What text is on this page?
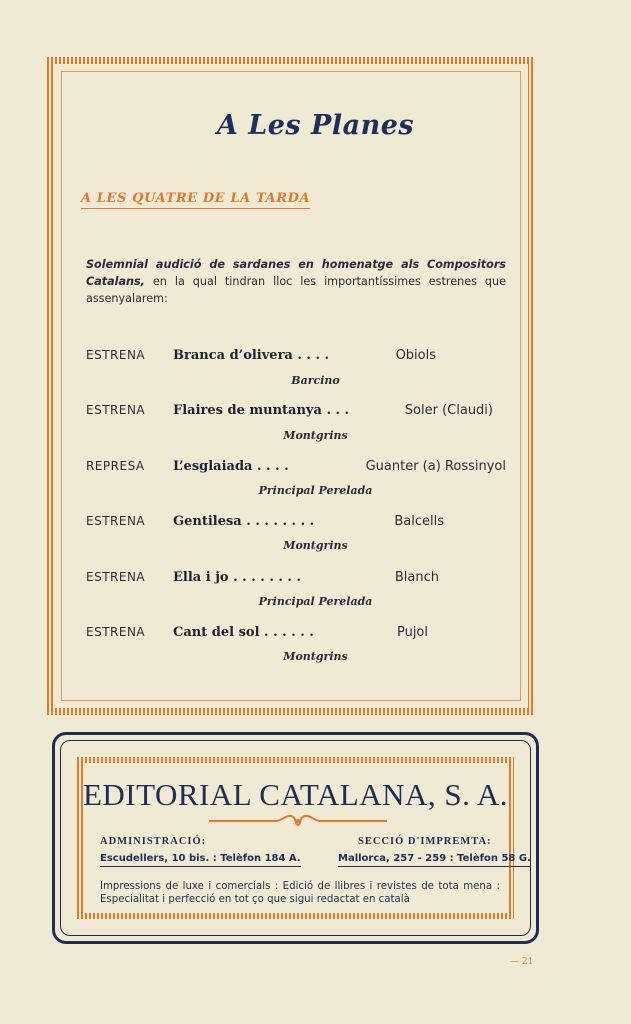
A Les Planes
A LES QUATRE DE LA TARDA
Solemnial audició de sardanes en homenatge als Compositors Catalans, en la qual tindran lloc les importantíssimes estrenes que assenyalarem:
ESTRENA Branca d’olivera . . . .	Obiols
Barcino
ESTRENA Flaires de muntanya . . .	Soler (Claudi)
Montgrins
REPRESA L’esglaiada . . . .	Guanter (a) Rossinyol
Principal Perelada
ESTRENA Gentilesa . . . . . . . .	Balcells
Montgrins
ESTRENA Ella i jo . . . . . . . .	Blanch
Principal Perelada
ESTRENA Cant del sol . . . . . .	Pujol
Montgrins
EDITORIAL CATALANA, S. A.
ADMINISTRACIÓ:	SECCIÓ D'IMPREMTA:
Escudellers, 10 bis. : Telèfon 184 A.	Mallorca, 257 - 259 : Telèfon 58 G.
Impressions de luxe i comercials : Edició de llibres i revistes de tota mena : Especialitat i perfecció en tot ço que sigui redactat en català
— 21
